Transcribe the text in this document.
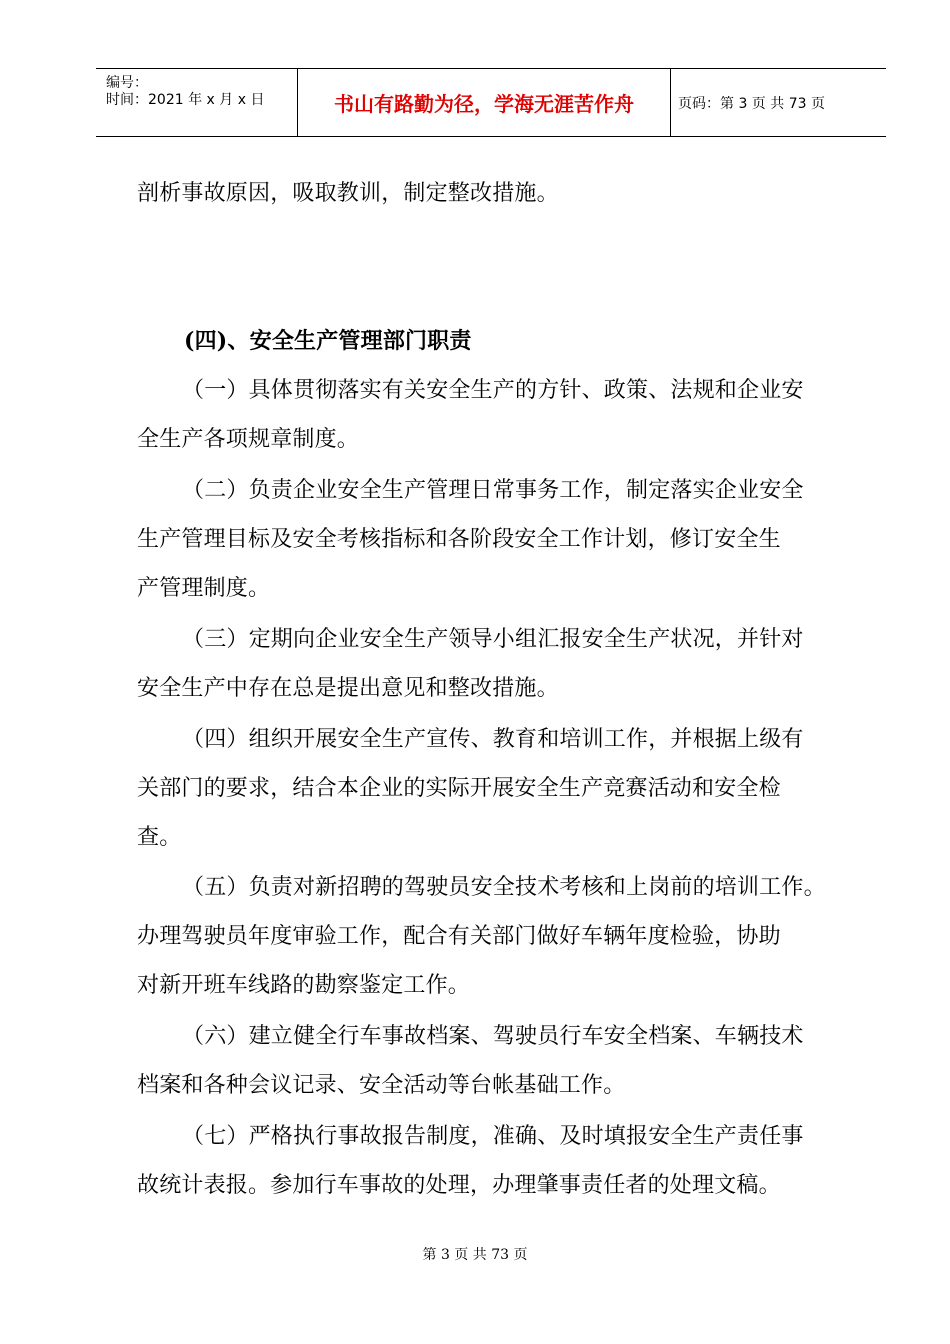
编号：
时间：2021 年 x 月 x 日	书山有路勤为径，学海无涯苦作舟	页码：第 3 页 共 73 页
剖析事故原因，吸取教训，制定整改措施。
(四)、安全生产管理部门职责
（一）具体贯彻落实有关安全生产的方针、政策、法规和企业安
全生产各项规章制度。
（二）负责企业安全生产管理日常事务工作，制定落实企业安全
生产管理目标及安全考核指标和各阶段安全工作计划，修订安全生
产管理制度。
（三）定期向企业安全生产领导小组汇报安全生产状况，并针对
安全生产中存在总是提出意见和整改措施。
（四）组织开展安全生产宣传、教育和培训工作，并根据上级有
关部门的要求，结合本企业的实际开展安全生产竞赛活动和安全检
查。
（五）负责对新招聘的驾驶员安全技术考核和上岗前的培训工作。
办理驾驶员年度审验工作，配合有关部门做好车辆年度检验，协助
对新开班车线路的勘察鉴定工作。
（六）建立健全行车事故档案、驾驶员行车安全档案、车辆技术
档案和各种会议记录、安全活动等台帐基础工作。
（七）严格执行事故报告制度，准确、及时填报安全生产责任事
故统计表报。参加行车事故的处理，办理肇事责任者的处理文稿。
第 3 页 共 73 页
